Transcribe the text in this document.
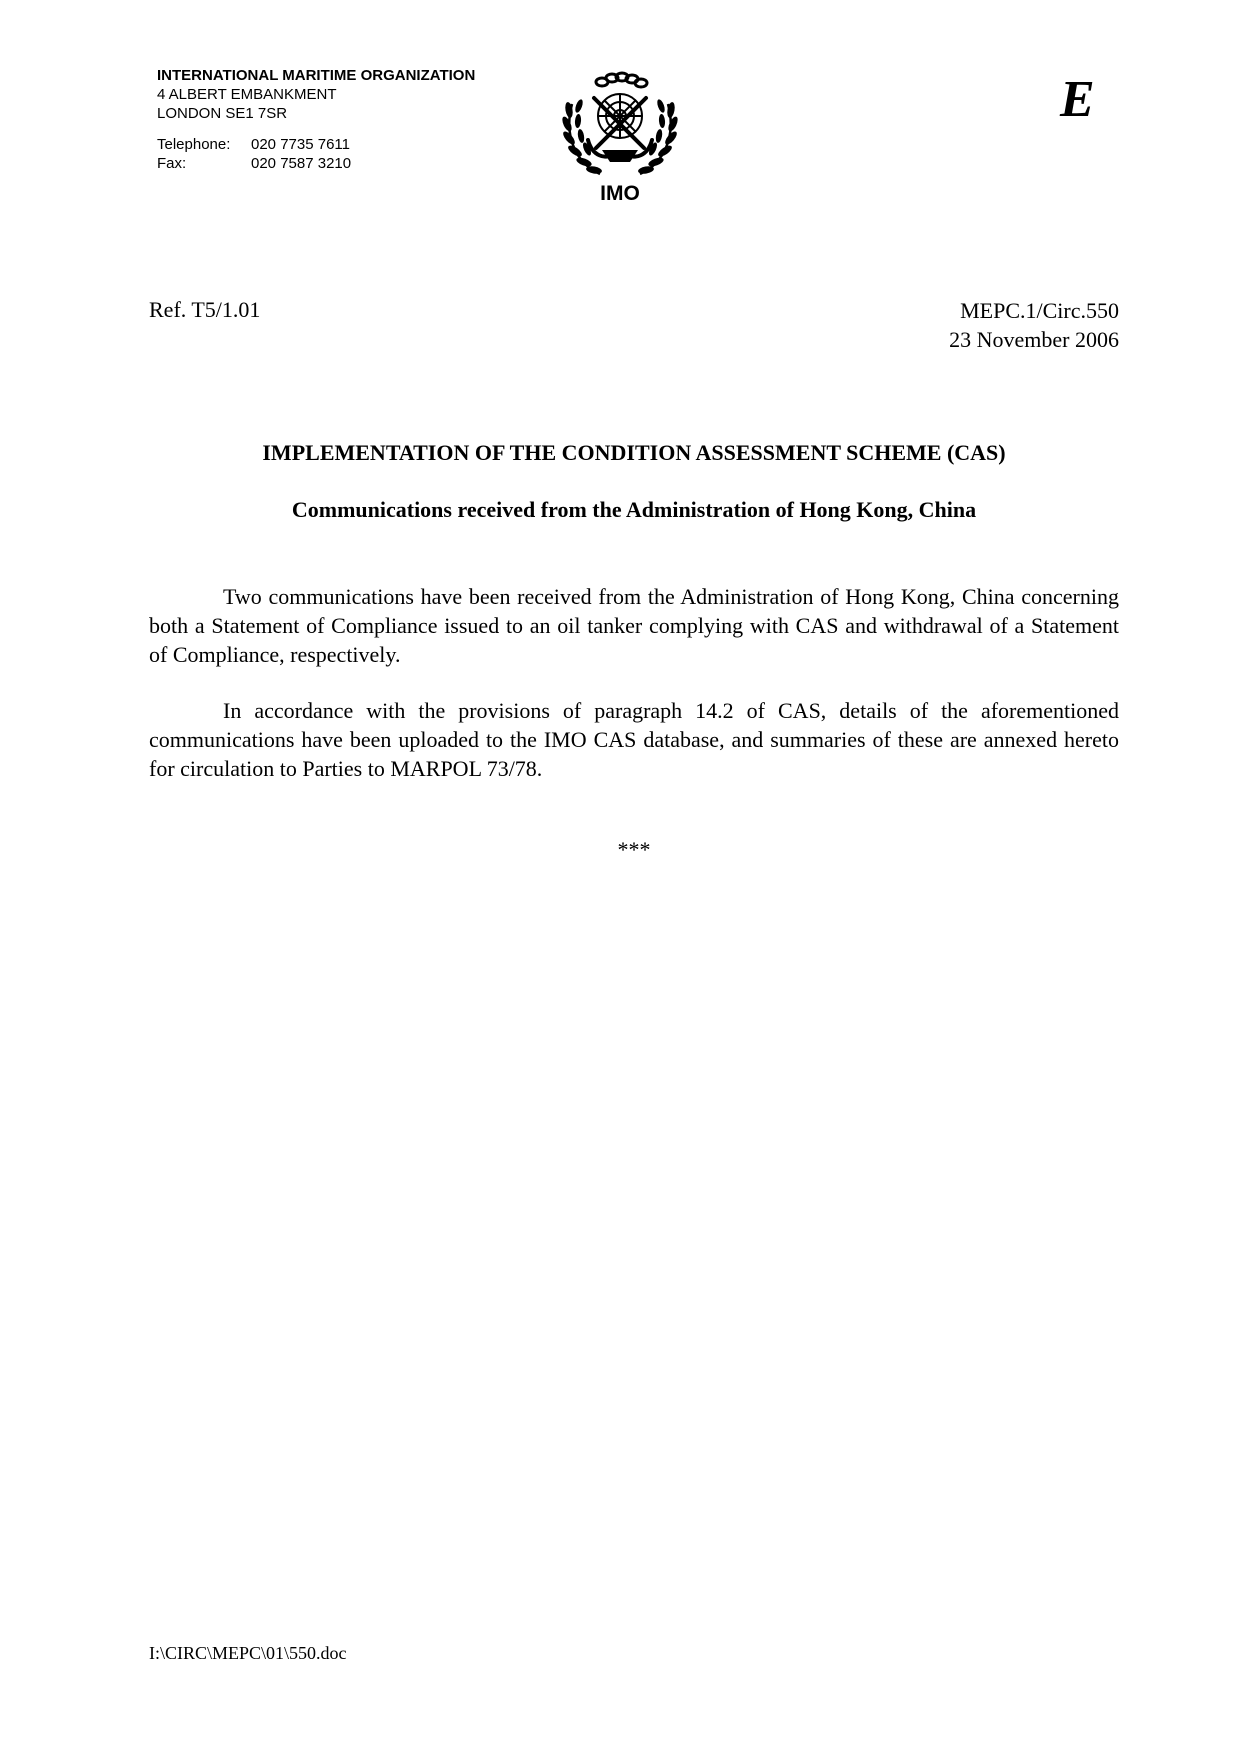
INTERNATIONAL MARITIME ORGANIZATION
4 ALBERT EMBANKMENT
LONDON SE1 7SR
Telephone:	020 7735 7611
Fax:	020 7587 3210
IMO
E
Ref. T5/1.01	MEPC.1/Circ.550
23 November 2006
IMPLEMENTATION OF THE CONDITION ASSESSMENT SCHEME (CAS)
Communications received from the Administration of Hong Kong, China

Two communications have been received from the Administration of Hong Kong, China concerning both a Statement of Compliance issued to an oil tanker complying with CAS and withdrawal of a Statement of Compliance, respectively.

In accordance with the provisions of paragraph 14.2 of CAS, details of the aforementioned communications have been uploaded to the IMO CAS database, and summaries of these are annexed hereto for circulation to Parties to MARPOL 73/78.

***
I:\CIRC\MEPC\01\550.doc
